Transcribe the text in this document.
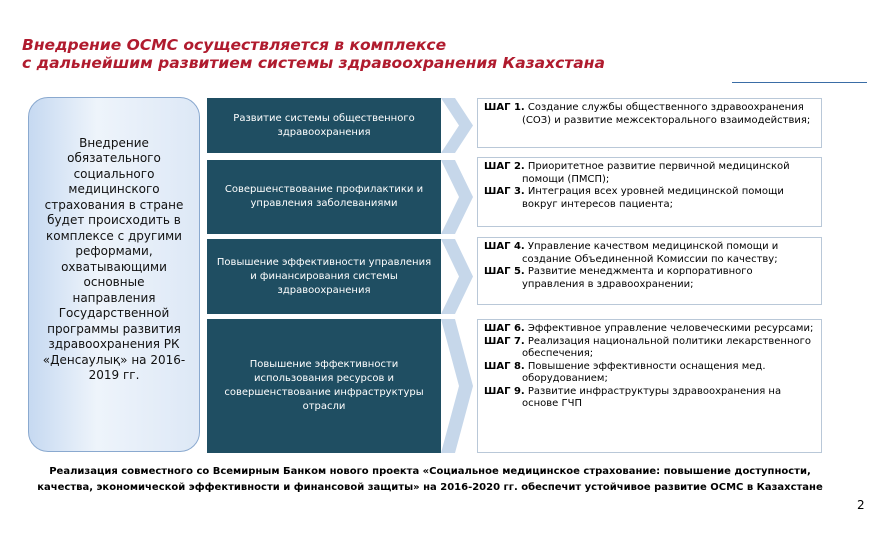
Внедрение ОСМС осуществляется в комплексе
с дальнейшим развитием системы здравоохранения Казахстана
Внедрение обязательного социального медицинского страхования в стране будет происходить в комплексе с другими реформами, охватывающими основные направления Государственной программы развития здравоохранения РК «Денсаулық» на 2016-2019 гг.
Развитие системы общественного здравоохранения
Совершенствование профилактики и управления заболеваниями
Повышение эффективности управления и финансирования системы здравоохранения
Повышение эффективности использования ресурсов и совершенствование инфраструктуры отрасли
ШАГ 1. Создание службы общественного здравоохранения (СОЗ) и развитие межсекторального взаимодействия;
ШАГ 2. Приоритетное развитие первичной медицинской помощи (ПМСП);
ШАГ 3. Интеграция всех уровней медицинской помощи вокруг интересов пациента;
ШАГ 4. Управление качеством медицинской помощи и создание Объединенной Комиссии по качеству;
ШАГ 5. Развитие менеджмента и корпоративного управления в здравоохранении;
ШАГ 6. Эффективное управление человеческими ресурсами;
ШАГ 7. Реализация национальной политики лекарственного обеспечения;
ШАГ 8. Повышение эффективности оснащения мед. оборудованием;
ШАГ 9. Развитие инфраструктуры здравоохранения на основе ГЧП
Реализация совместного со Всемирным Банком нового проекта «Социальное медицинское страхование: повышение доступности, качества, экономической эффективности и финансовой защиты» на 2016-2020 гг. обеспечит устойчивое развитие ОСМС в Казахстане
2
